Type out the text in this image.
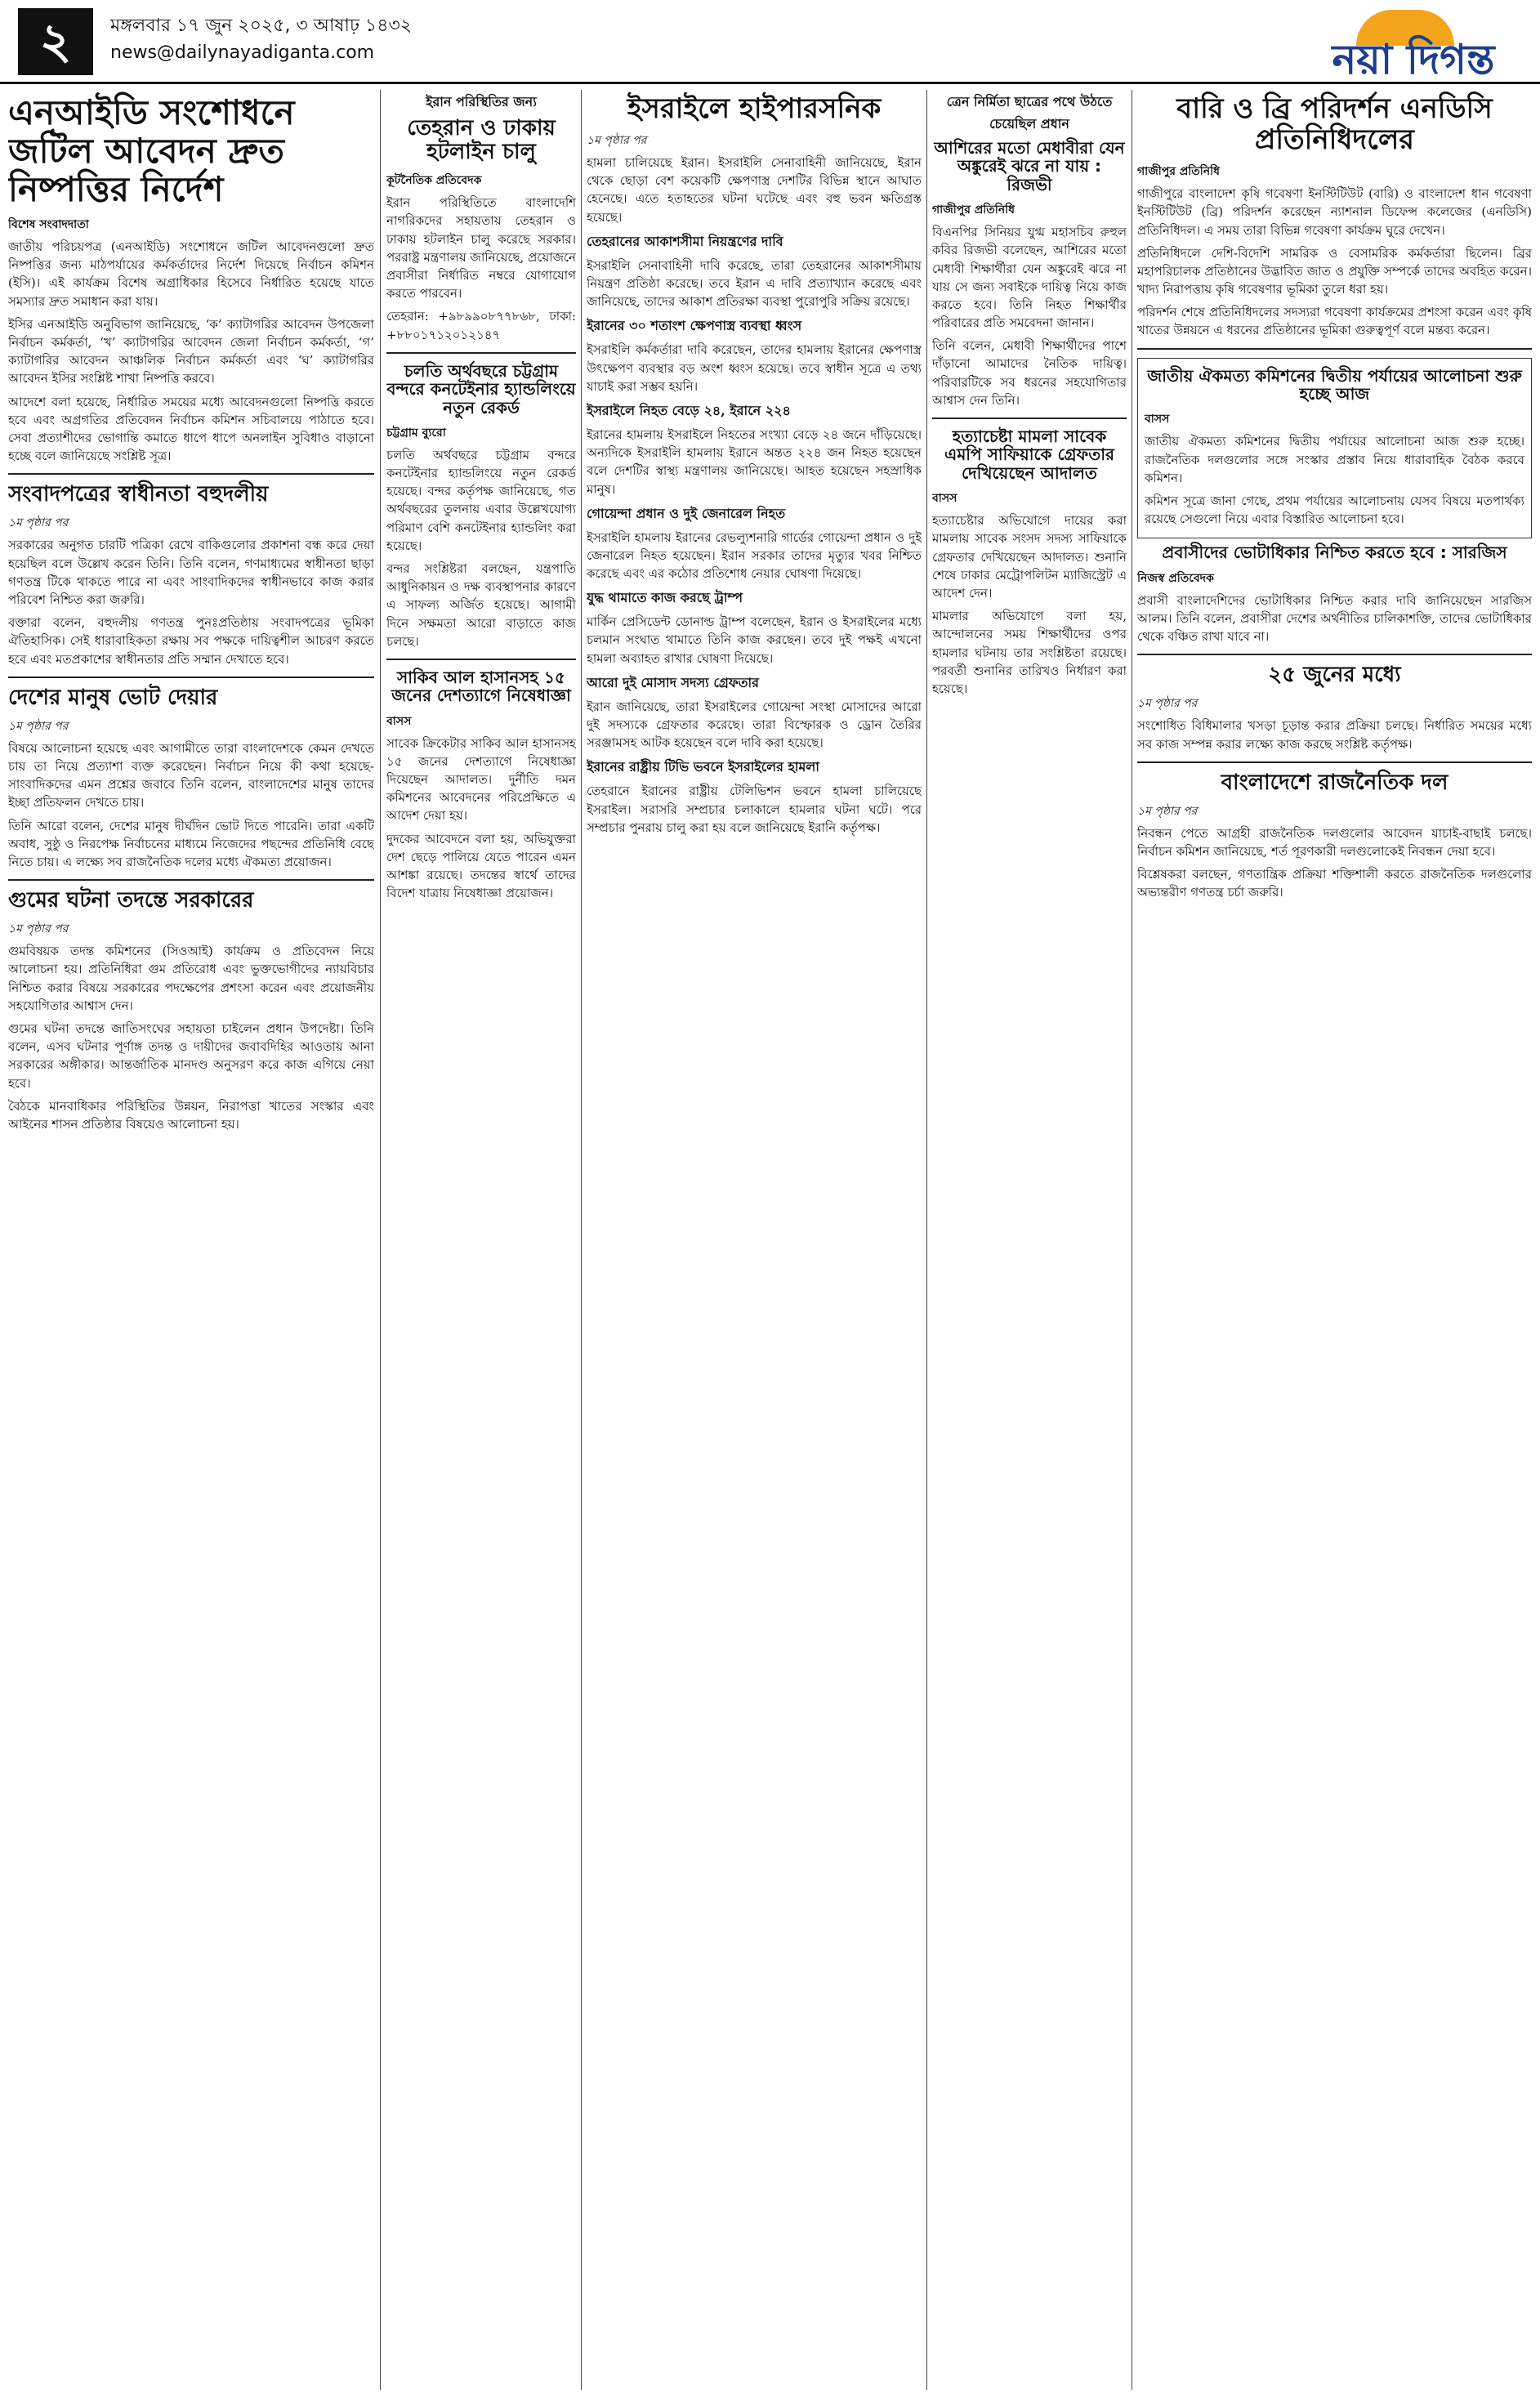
২	মঙ্গলবার ১৭ জুন ২০২৫, ৩ আষাঢ় ১৪৩২
news@dailynayadiganta.com	নয়া দিগন্ত
এনআইডি সংশোধনে জটিল আবেদন দ্রুত নিষ্পত্তির নির্দেশ
বিশেষ সংবাদদাতা

জাতীয় পরিচয়পত্র (এনআইডি) সংশোধনে জটিল আবেদনগুলো দ্রুত নিষ্পত্তির জন্য মাঠপর্যায়ের কর্মকর্তাদের নির্দেশ দিয়েছে নির্বাচন কমিশন (ইসি)। এই কার্যক্রম বিশেষ অগ্রাধিকার হিসেবে নির্ধারিত হয়েছে যাতে সমস্যার দ্রুত সমাধান করা যায়।

ইসির এনআইডি অনুবিভাগ জানিয়েছে, ‘ক’ ক্যাটাগরির আবেদন উপজেলা নির্বাচন কর্মকর্তা, ‘খ’ ক্যাটাগরির আবেদন জেলা নির্বাচন কর্মকর্তা, ‘গ’ ক্যাটাগরির আবেদন আঞ্চলিক নির্বাচন কর্মকর্তা এবং ‘ঘ’ ক্যাটাগরির আবেদন ইসির সংশ্লিষ্ট শাখা নিষ্পত্তি করবে।

আদেশে বলা হয়েছে, নির্ধারিত সময়ের মধ্যে আবেদনগুলো নিষ্পত্তি করতে হবে এবং অগ্রগতির প্রতিবেদন নির্বাচন কমিশন সচিবালয়ে পাঠাতে হবে। সেবা প্রত্যাশীদের ভোগান্তি কমাতে ধাপে ধাপে অনলাইন সুবিধাও বাড়ানো হচ্ছে বলে জানিয়েছে সংশ্লিষ্ট সূত্র।

সংবাদপত্রের স্বাধীনতা বহুদলীয়
১ম পৃষ্ঠার পর

সরকারের অনুগত চারটি পত্রিকা রেখে বাকিগুলোর প্রকাশনা বন্ধ করে দেয়া হয়েছিল বলে উল্লেখ করেন তিনি। তিনি বলেন, গণমাধ্যমের স্বাধীনতা ছাড়া গণতন্ত্র টিকে থাকতে পারে না এবং সাংবাদিকদের স্বাধীনভাবে কাজ করার পরিবেশ নিশ্চিত করা জরুরি।

বক্তারা বলেন, বহুদলীয় গণতন্ত্র পুনঃপ্রতিষ্ঠায় সংবাদপত্রের ভূমিকা ঐতিহাসিক। সেই ধারাবাহিকতা রক্ষায় সব পক্ষকে দায়িত্বশীল আচরণ করতে হবে এবং মতপ্রকাশের স্বাধীনতার প্রতি সম্মান দেখাতে হবে।

দেশের মানুষ ভোট দেয়ার
১ম পৃষ্ঠার পর

বিষয়ে আলোচনা হয়েছে এবং আগামীতে তারা বাংলাদেশকে কেমন দেখতে চায় তা নিয়ে প্রত্যাশা ব্যক্ত করেছেন। নির্বাচন নিয়ে কী কথা হয়েছে- সাংবাদিকদের এমন প্রশ্নের জবাবে তিনি বলেন, বাংলাদেশের মানুষ তাদের ইচ্ছা প্রতিফলন দেখতে চায়।

তিনি আরো বলেন, দেশের মানুষ দীর্ঘদিন ভোট দিতে পারেনি। তারা একটি অবাধ, সুষ্ঠু ও নিরপেক্ষ নির্বাচনের মাধ্যমে নিজেদের পছন্দের প্রতিনিধি বেছে নিতে চায়। এ লক্ষ্যে সব রাজনৈতিক দলের মধ্যে ঐকমত্য প্রয়োজন।

গুমের ঘটনা তদন্তে সরকারের
১ম পৃষ্ঠার পর

গুমবিষয়ক তদন্ত কমিশনের (সিওআই) কার্যক্রম ও প্রতিবেদন নিয়ে আলোচনা হয়। প্রতিনিধিরা গুম প্রতিরোধ এবং ভুক্তভোগীদের ন্যায়বিচার নিশ্চিত করার বিষয়ে সরকারের পদক্ষেপের প্রশংসা করেন এবং প্রয়োজনীয় সহযোগিতার আশ্বাস দেন।

গুমের ঘটনা তদন্তে জাতিসংঘের সহায়তা চাইলেন প্রধান উপদেষ্টা। তিনি বলেন, এসব ঘটনার পূর্ণাঙ্গ তদন্ত ও দায়ীদের জবাবদিহির আওতায় আনা সরকারের অঙ্গীকার। আন্তর্জাতিক মানদণ্ড অনুসরণ করে কাজ এগিয়ে নেয়া হবে।

বৈঠকে মানবাধিকার পরিস্থিতির উন্নয়ন, নিরাপত্তা খাতের সংস্কার এবং আইনের শাসন প্রতিষ্ঠার বিষয়েও আলোচনা হয়।

ইরান পরিস্থিতির জন্য
তেহরান ও ঢাকায় হটলাইন চালু
কূটনৈতিক প্রতিবেদক

ইরান পরিস্থিতিতে বাংলাদেশি নাগরিকদের সহায়তায় তেহরান ও ঢাকায় হটলাইন চালু করেছে সরকার। পররাষ্ট্র মন্ত্রণালয় জানিয়েছে, প্রয়োজনে প্রবাসীরা নির্ধারিত নম্বরে যোগাযোগ করতে পারবেন।

তেহরান: +৯৮৯৯০৮৭৭৮৬৮, ঢাকা: +৮৮০১৭১২০১২১৪৭

চলতি অর্থবছরে চট্টগ্রাম বন্দরে কনটেইনার হ্যান্ডলিংয়ে নতুন রেকর্ড
চট্টগ্রাম ব্যুরো

চলতি অর্থবছরে চট্টগ্রাম বন্দরে কনটেইনার হ্যান্ডলিংয়ে নতুন রেকর্ড হয়েছে। বন্দর কর্তৃপক্ষ জানিয়েছে, গত অর্থবছরের তুলনায় এবার উল্লেখযোগ্য পরিমাণ বেশি কনটেইনার হ্যান্ডলিং করা হয়েছে।

বন্দর সংশ্লিষ্টরা বলছেন, যন্ত্রপাতি আধুনিকায়ন ও দক্ষ ব্যবস্থাপনার কারণে এ সাফল্য অর্জিত হয়েছে। আগামী দিনে সক্ষমতা আরো বাড়াতে কাজ চলছে।

সাকিব আল হাসানসহ ১৫ জনের দেশত্যাগে নিষেধাজ্ঞা
বাসস

সাবেক ক্রিকেটার সাকিব আল হাসানসহ ১৫ জনের দেশত্যাগে নিষেধাজ্ঞা দিয়েছেন আদালত। দুর্নীতি দমন কমিশনের আবেদনের পরিপ্রেক্ষিতে এ আদেশ দেয়া হয়।

দুদকের আবেদনে বলা হয়, অভিযুক্তরা দেশ ছেড়ে পালিয়ে যেতে পারেন এমন আশঙ্কা রয়েছে। তদন্তের স্বার্থে তাদের বিদেশ যাত্রায় নিষেধাজ্ঞা প্রয়োজন।

ইসরাইলে হাইপারসনিক
১ম পৃষ্ঠার পর

হামলা চালিয়েছে ইরান। ইসরাইলি সেনাবাহিনী জানিয়েছে, ইরান থেকে ছোড়া বেশ কয়েকটি ক্ষেপণাস্ত্র দেশটির বিভিন্ন স্থানে আঘাত হেনেছে। এতে হতাহতের ঘটনা ঘটেছে এবং বহু ভবন ক্ষতিগ্রস্ত হয়েছে।

তেহরানের আকাশসীমা নিয়ন্ত্রণের দাবি

ইসরাইলি সেনাবাহিনী দাবি করেছে, তারা তেহরানের আকাশসীমায় নিয়ন্ত্রণ প্রতিষ্ঠা করেছে। তবে ইরান এ দাবি প্রত্যাখ্যান করেছে এবং জানিয়েছে, তাদের আকাশ প্রতিরক্ষা ব্যবস্থা পুরোপুরি সক্রিয় রয়েছে।

ইরানের ৩০ শতাংশ ক্ষেপণাস্ত্র ব্যবস্থা ধ্বংস

ইসরাইলি কর্মকর্তারা দাবি করেছেন, তাদের হামলায় ইরানের ক্ষেপণাস্ত্র উৎক্ষেপণ ব্যবস্থার বড় অংশ ধ্বংস হয়েছে। তবে স্বাধীন সূত্রে এ তথ্য যাচাই করা সম্ভব হয়নি।

ইসরাইলে নিহত বেড়ে ২৪, ইরানে ২২৪

ইরানের হামলায় ইসরাইলে নিহতের সংখ্যা বেড়ে ২৪ জনে দাঁড়িয়েছে। অন্যদিকে ইসরাইলি হামলায় ইরানে অন্তত ২২৪ জন নিহত হয়েছেন বলে দেশটির স্বাস্থ্য মন্ত্রণালয় জানিয়েছে। আহত হয়েছেন সহস্রাধিক মানুষ।

গোয়েন্দা প্রধান ও দুই জেনারেল নিহত

ইসরাইলি হামলায় ইরানের রেভল্যুশনারি গার্ডের গোয়েন্দা প্রধান ও দুই জেনারেল নিহত হয়েছেন। ইরান সরকার তাদের মৃত্যুর খবর নিশ্চিত করেছে এবং এর কঠোর প্রতিশোধ নেয়ার ঘোষণা দিয়েছে।

যুদ্ধ থামাতে কাজ করছে ট্রাম্প

মার্কিন প্রেসিডেন্ট ডোনাল্ড ট্রাম্প বলেছেন, ইরান ও ইসরাইলের মধ্যে চলমান সংঘাত থামাতে তিনি কাজ করছেন। তবে দুই পক্ষই এখনো হামলা অব্যাহত রাখার ঘোষণা দিয়েছে।

আরো দুই মোসাদ সদস্য গ্রেফতার

ইরান জানিয়েছে, তারা ইসরাইলের গোয়েন্দা সংস্থা মোসাদের আরো দুই সদস্যকে গ্রেফতার করেছে। তারা বিস্ফোরক ও ড্রোন তৈরির সরঞ্জামসহ আটক হয়েছেন বলে দাবি করা হয়েছে।

ইরানের রাষ্ট্রীয় টিভি ভবনে ইসরাইলের হামলা

তেহরানে ইরানের রাষ্ট্রীয় টেলিভিশন ভবনে হামলা চালিয়েছে ইসরাইল। সরাসরি সম্প্রচার চলাকালে হামলার ঘটনা ঘটে। পরে সম্প্রচার পুনরায় চালু করা হয় বলে জানিয়েছে ইরানি কর্তৃপক্ষ।

ত্রেন নির্মিতা ছাত্রের পথে উঠতে চেয়েছিল প্রধান
আশিরের মতো মেধাবীরা যেন অঙ্কুরেই ঝরে না যায় : রিজভী
গাজীপুর প্রতিনিধি

বিএনপির সিনিয়র যুগ্ম মহাসচিব রুহুল কবির রিজভী বলেছেন, আশিরের মতো মেধাবী শিক্ষার্থীরা যেন অঙ্কুরেই ঝরে না যায় সে জন্য সবাইকে দায়িত্ব নিয়ে কাজ করতে হবে। তিনি নিহত শিক্ষার্থীর পরিবারের প্রতি সমবেদনা জানান।

তিনি বলেন, মেধাবী শিক্ষার্থীদের পাশে দাঁড়ানো আমাদের নৈতিক দায়িত্ব। পরিবারটিকে সব ধরনের সহযোগিতার আশ্বাস দেন তিনি।

হত্যাচেষ্টা মামলা সাবেক এমপি সাফিয়াকে গ্রেফতার দেখিয়েছেন আদালত
বাসস

হত্যাচেষ্টার অভিযোগে দায়ের করা মামলায় সাবেক সংসদ সদস্য সাফিয়াকে গ্রেফতার দেখিয়েছেন আদালত। শুনানি শেষে ঢাকার মেট্রোপলিটন ম্যাজিস্ট্রেট এ আদেশ দেন।

মামলার অভিযোগে বলা হয়, আন্দোলনের সময় শিক্ষার্থীদের ওপর হামলার ঘটনায় তার সংশ্লিষ্টতা রয়েছে। পরবর্তী শুনানির তারিখও নির্ধারণ করা হয়েছে।

বারি ও ব্রি পরিদর্শন এনডিসি প্রতিনিধিদলের
গাজীপুর প্রতিনিধি

গাজীপুরে বাংলাদেশ কৃষি গবেষণা ইনস্টিটিউট (বারি) ও বাংলাদেশ ধান গবেষণা ইনস্টিটিউট (ব্রি) পরিদর্শন করেছেন ন্যাশনাল ডিফেন্স কলেজের (এনডিসি) প্রতিনিধিদল। এ সময় তারা বিভিন্ন গবেষণা কার্যক্রম ঘুরে দেখেন।

প্রতিনিধিদলে দেশি-বিদেশি সামরিক ও বেসামরিক কর্মকর্তারা ছিলেন। ব্রির মহাপরিচালক প্রতিষ্ঠানের উদ্ভাবিত জাত ও প্রযুক্তি সম্পর্কে তাদের অবহিত করেন। খাদ্য নিরাপত্তায় কৃষি গবেষণার ভূমিকা তুলে ধরা হয়।

পরিদর্শন শেষে প্রতিনিধিদলের সদস্যরা গবেষণা কার্যক্রমের প্রশংসা করেন এবং কৃষি খাতের উন্নয়নে এ ধরনের প্রতিষ্ঠানের ভূমিকা গুরুত্বপূর্ণ বলে মন্তব্য করেন।

জাতীয় ঐকমত্য কমিশনের দ্বিতীয় পর্যায়ের আলোচনা শুরু হচ্ছে আজ
বাসস

জাতীয় ঐকমত্য কমিশনের দ্বিতীয় পর্যায়ের আলোচনা আজ শুরু হচ্ছে। রাজনৈতিক দলগুলোর সঙ্গে সংস্কার প্রস্তাব নিয়ে ধারাবাহিক বৈঠক করবে কমিশন।

কমিশন সূত্রে জানা গেছে, প্রথম পর্যায়ের আলোচনায় যেসব বিষয়ে মতপার্থক্য রয়েছে সেগুলো নিয়ে এবার বিস্তারিত আলোচনা হবে।

প্রবাসীদের ভোটাধিকার নিশ্চিত করতে হবে : সারজিস
নিজস্ব প্রতিবেদক

প্রবাসী বাংলাদেশিদের ভোটাধিকার নিশ্চিত করার দাবি জানিয়েছেন সারজিস আলম। তিনি বলেন, প্রবাসীরা দেশের অর্থনীতির চালিকাশক্তি, তাদের ভোটাধিকার থেকে বঞ্চিত রাখা যাবে না।

২৫ জুনের মধ্যে
১ম পৃষ্ঠার পর

সংশোধিত বিধিমালার খসড়া চূড়ান্ত করার প্রক্রিয়া চলছে। নির্ধারিত সময়ের মধ্যে সব কাজ সম্পন্ন করার লক্ষ্যে কাজ করছে সংশ্লিষ্ট কর্তৃপক্ষ।

বাংলাদেশে রাজনৈতিক দল
১ম পৃষ্ঠার পর

নিবন্ধন পেতে আগ্রহী রাজনৈতিক দলগুলোর আবেদন যাচাই-বাছাই চলছে। নির্বাচন কমিশন জানিয়েছে, শর্ত পূরণকারী দলগুলোকেই নিবন্ধন দেয়া হবে।

বিশ্লেষকরা বলছেন, গণতান্ত্রিক প্রক্রিয়া শক্তিশালী করতে রাজনৈতিক দলগুলোর অভ্যন্তরীণ গণতন্ত্র চর্চা জরুরি।
